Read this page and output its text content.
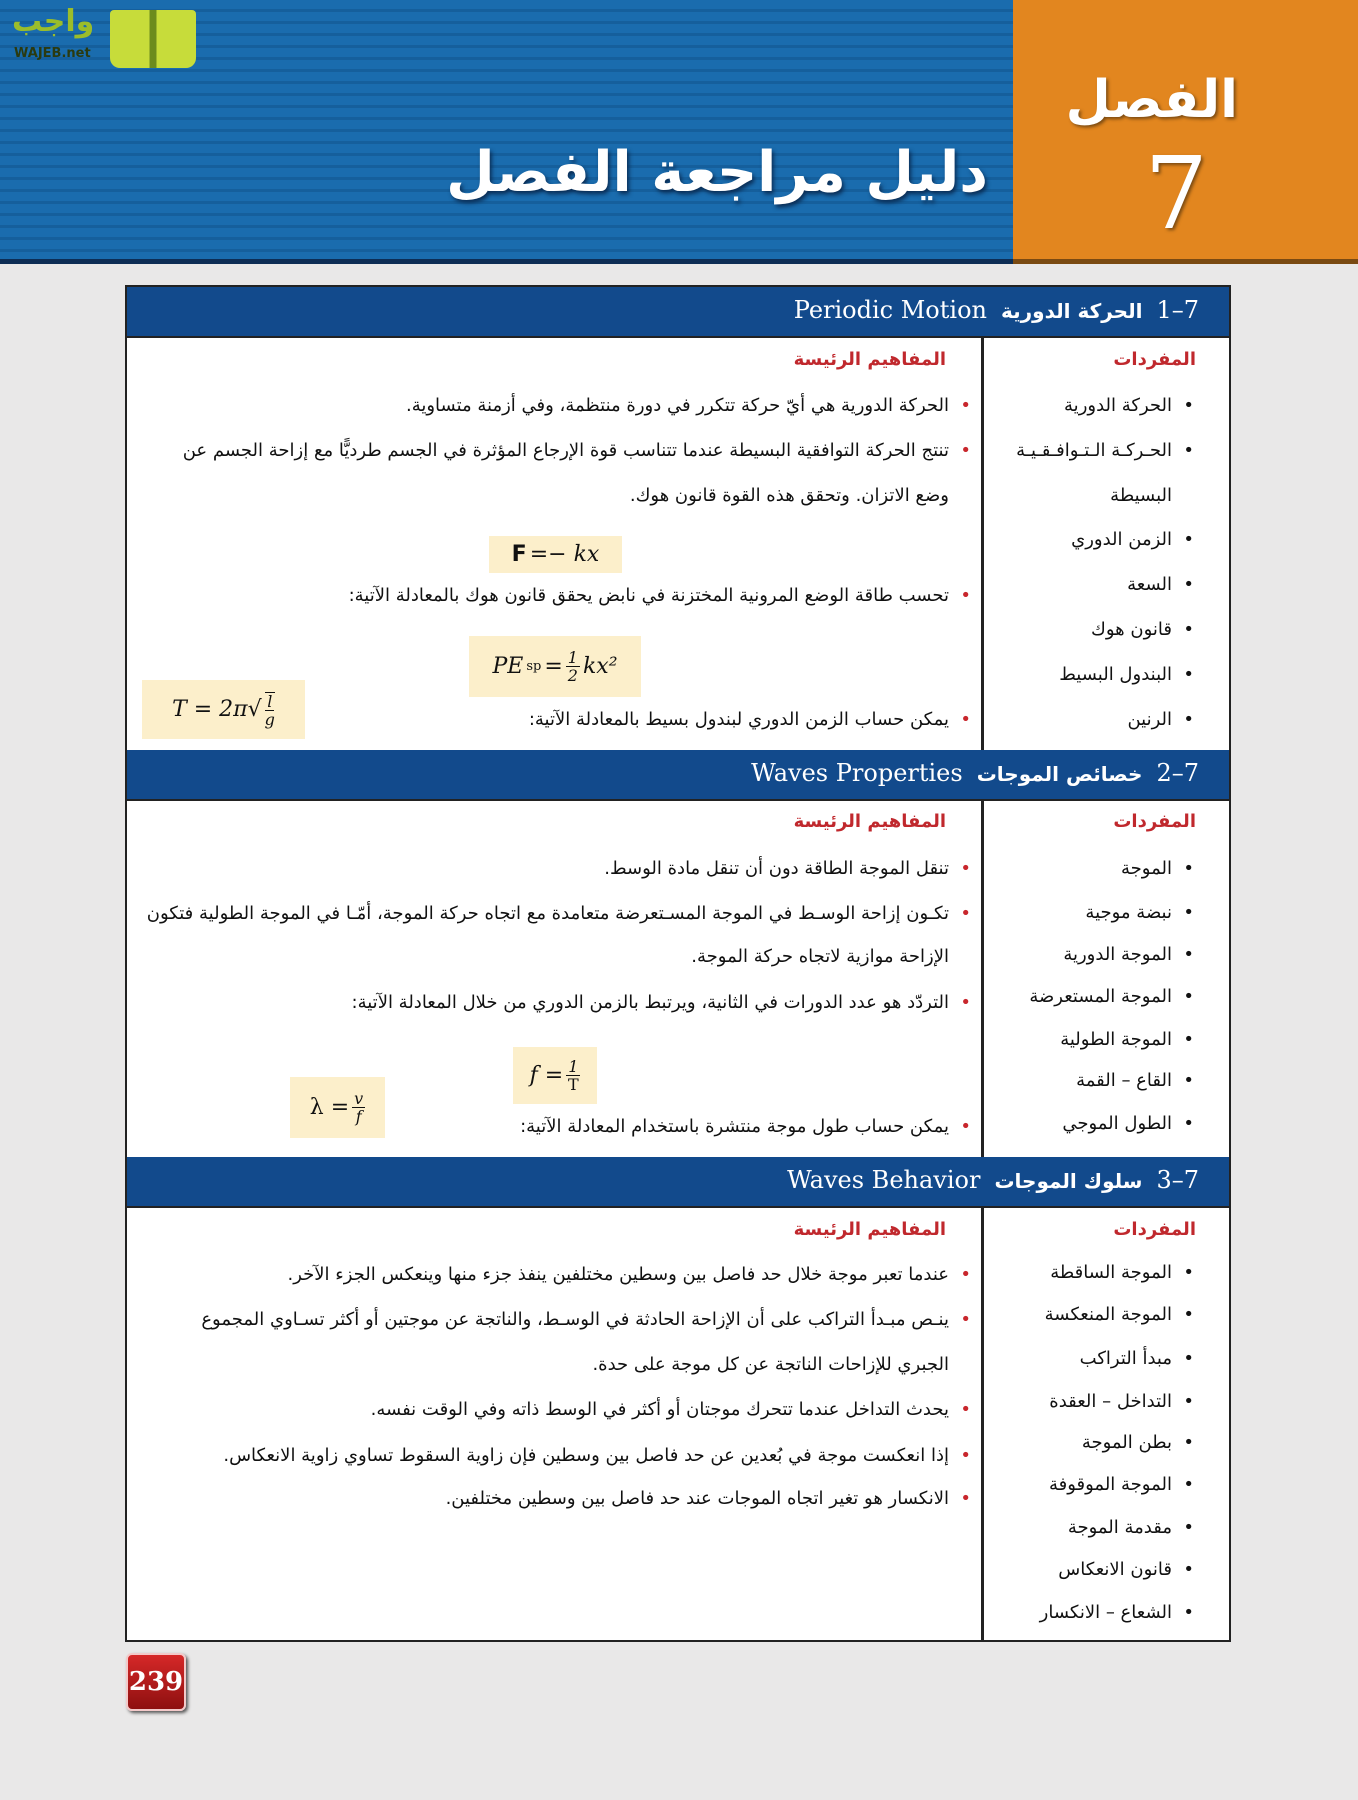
واجب
WAJEB.net
دليل مراجعة الفصل
الفصل
7
7–1الحركة الدوريةPeriodic Motion
المفردات
المفاهيم الرئيسة
• الحركة الدورية
• الحـركـة الـتـوافـقـيـة
البسيطة
• الزمن الدوري
• السعة
• قانون هوك
• البندول البسيط
• الرنين
• الحركة الدورية هي أيّ حركة تتكرر في دورة منتظمة، وفي أزمنة متساوية.
• تنتج الحركة التوافقية البسيطة عندما تتناسب قوة الإرجاع المؤثرة في الجسم طرديًّا مع إزاحة الجسم عن
وضع الاتزان. وتحقق هذه القوة قانون هوك.
• تحسب طاقة الوضع المرونية المختزنة في نابض يحقق قانون هوك بالمعادلة الآتية:
• يمكن حساب الزمن الدوري لبندول بسيط بالمعادلة الآتية:
F =− kx
PE sp = $\frac{1}{2} kx^2$
$T = 2\pi√ \frac{l}{g}$
7–2خصائص الموجاتWaves Properties
المفردات
المفاهيم الرئيسة
• الموجة
• نبضة موجية
• الموجة الدورية
• الموجة المستعرضة
• الموجة الطولية
• القاع – القمة
• الطول الموجي
• تنقل الموجة الطاقة دون أن تنقل مادة الوسط.
• تكـون إزاحة الوسـط في الموجة المسـتعرضة متعامدة مع اتجاه حركة الموجة، أمّـا في الموجة الطولية فتكون
الإزاحة موازية لاتجاه حركة الموجة.
• التردّد هو عدد الدورات في الثانية، ويرتبط بالزمن الدوري من خلال المعادلة الآتية:
• يمكن حساب طول موجة منتشرة باستخدام المعادلة الآتية:
$f = \frac{1}{T}$
$\lambda = \frac{v}{f}$
7–3سلوك الموجاتWaves Behavior
المفردات
المفاهيم الرئيسة
• الموجة الساقطة
• الموجة المنعكسة
• مبدأ التراكب
• التداخل – العقدة
• بطن الموجة
• الموجة الموقوفة
• مقدمة الموجة
• قانون الانعكاس
• الشعاع – الانكسار
• عندما تعبر موجة خلال حد فاصل بين وسطين مختلفين ينفذ جزء منها وينعكس الجزء الآخر.
• ينـص مبـدأ التراكب على أن الإزاحة الحادثة في الوسـط، والناتجة عن موجتين أو أكثر تسـاوي المجموع
الجبري للإزاحات الناتجة عن كل موجة على حدة.
• يحدث التداخل عندما تتحرك موجتان أو أكثر في الوسط ذاته وفي الوقت نفسه.
• إذا انعكست موجة في بُعدين عن حد فاصل بين وسطين فإن زاوية السقوط تساوي زاوية الانعكاس.
• الانكسار هو تغير اتجاه الموجات عند حد فاصل بين وسطين مختلفين.
239
